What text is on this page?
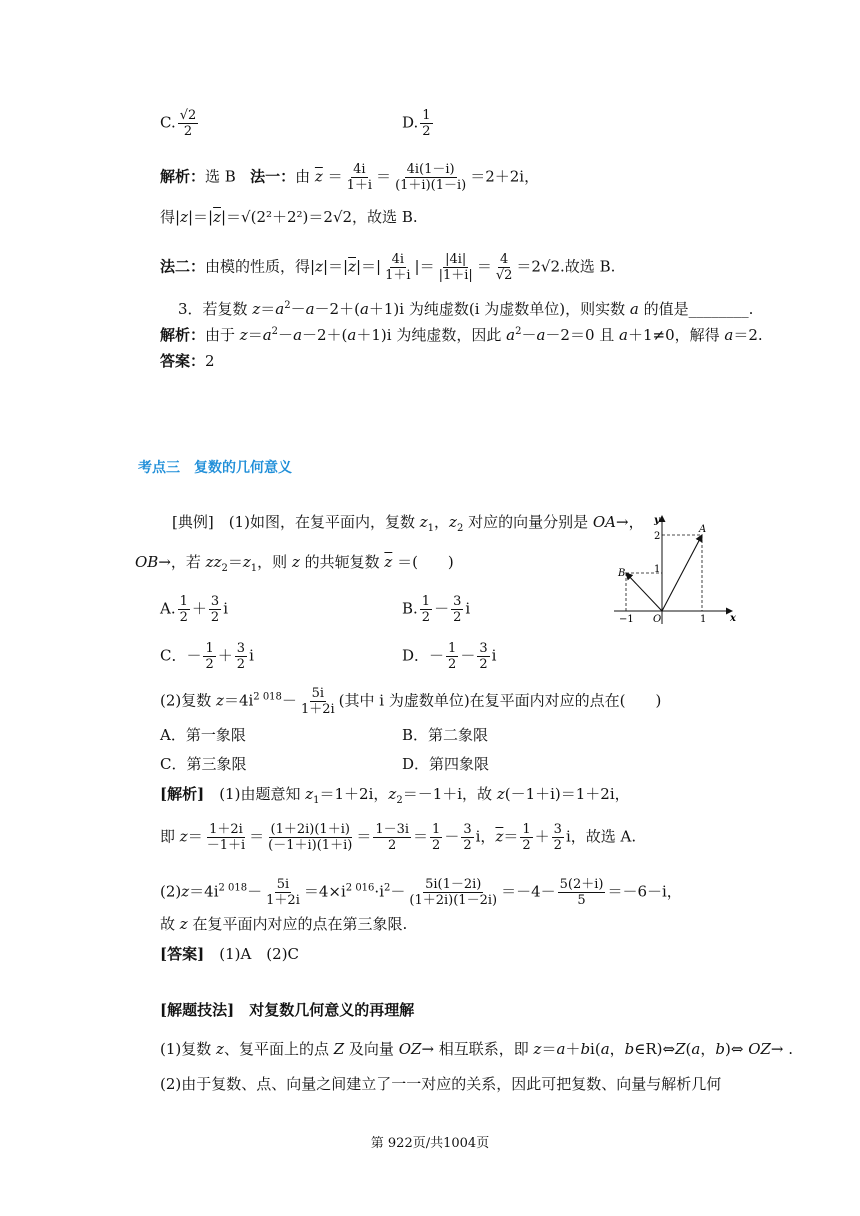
C. $\frac{√2}{2}$	D. $\frac{1}{2}$
解析：选 B 法一：由 $\overline{z} = \frac{4i}{1+i} = \frac{4i(1-i)}{(1+i)(1-i)} =2+2i$，
得$|z|=|\overline{z}|=√(2^2+2^2)=2√2$，故选 B.
法二：由模的性质，得$|z|=|\overline{z}|=| \frac{4i}{1+i}$ |＝ $\frac{|4i|}{|1+i|} = \frac{4}{√2} =2√2$.故选 B.
3．若复数 $z=a^2-a-2+(a+1)i$ 为纯虚数(i 为虚数单位)，则实数 a 的值是________.
解析：由于 $z=a^2-a-2+(a+1)i$ 为纯虚数，因此 $a^2-a-2=0$ 且 a＋1≠0，解得 a＝2.
答案：2
考点三　复数的几何意义
[典例]　(1)如图，在复平面内，复数 $z_1$，$z_2$ 对应的向量分别是 OA→，
OB→，若 $zz_2=z_1$，则 z 的共轭复数 $\overline{z}$ ＝(　　)
A. $\frac{1}{2} + \frac{3}{2}$ i	B. $\frac{1}{2} - \frac{3}{2}$ i
C．－ $\frac{1}{2} + \frac{3}{2}$ i	D．－ $\frac{1}{2} - \frac{3}{2}$ i
y
x
A
B
O
2
1
−1	1
(2)复数 $z=4i^{2 018}- \frac{5i}{1+2i}$ (其中 i 为虚数单位)在复平面内对应的点在(　　)
A．第一象限	B．第二象限
C．第三象限	D．第四象限
[解析]　(1)由题意知 $z_1=1+2i$，$z_2=-1+i$，故 z(－1＋i)＝1＋2i，
即 $z= \frac{1+2i}{-1+i} = \frac{(1+2i)(1+i)}{(-1+i)(1+i)} = \frac{1-3i}{2} = \frac{1}{2} - \frac{3}{2}$ i，$\overline{z}= \frac{1}{2} + \frac{3}{2}$ i，故选 A.
$(2)z=4i^{2 018}- \frac{5i}{1+2i} =4\times i^{2 016}\cdot i^2- \frac{5i(1-2i)}{(1+2i)(1-2i)} =-4- \frac{5(2+i)}{5} =-6-i$，
故 z 在复平面内对应的点在第三象限.
[答案]　 (1)A　(2)C
[解题技法]　 对复数几何意义的再理解
(1)复数 z、复平面上的点 Z 及向量 OZ→ 相互联系，即 z＝a＋bi(a，b∈R)⇔Z(a，b)⇔ OZ→ .
(2)由于复数、点、向量之间建立了一一对应的关系，因此可把复数、向量与解析几何
第 922页/共1004页
